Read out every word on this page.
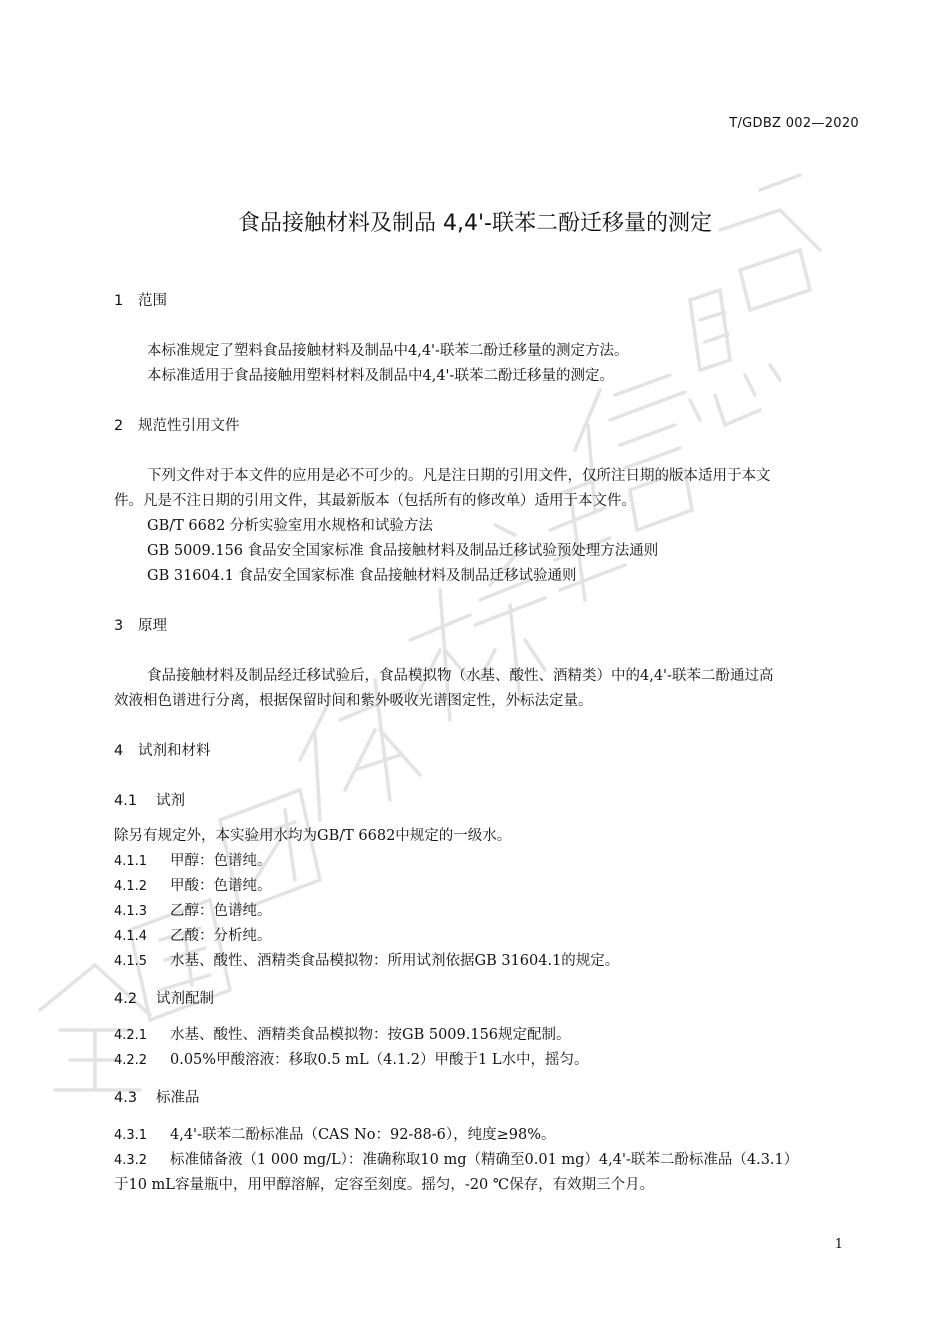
T/GDBZ 002—2020
食品接触材料及制品 4,4'-联苯二酚迁移量的测定
1 范围
本标准规定了塑料食品接触材料及制品中4,4'-联苯二酚迁移量的测定方法。
本标准适用于食品接触用塑料材料及制品中4,4'-联苯二酚迁移量的测定。
2 规范性引用文件
下列文件对于本文件的应用是必不可少的。凡是注日期的引用文件，仅所注日期的版本适用于本文
件。凡是不注日期的引用文件，其最新版本（包括所有的修改单）适用于本文件。
GB/T 6682 分析实验室用水规格和试验方法
GB 5009.156 食品安全国家标准 食品接触材料及制品迁移试验预处理方法通则
GB 31604.1 食品安全国家标准 食品接触材料及制品迁移试验通则
3 原理
食品接触材料及制品经迁移试验后，食品模拟物（水基、酸性、酒精类）中的4,4'-联苯二酚通过高
效液相色谱进行分离，根据保留时间和紫外吸收光谱图定性，外标法定量。
4 试剂和材料
4.1 试剂
除另有规定外，本实验用水均为GB/T 6682中规定的一级水。
4.1.1 甲醇：色谱纯。
4.1.2 甲酸：色谱纯。
4.1.3 乙醇：色谱纯。
4.1.4 乙酸：分析纯。
4.1.5 水基、酸性、酒精类食品模拟物：所用试剂依据GB 31604.1的规定。
4.2 试剂配制
4.2.1 水基、酸性、酒精类食品模拟物：按GB 5009.156规定配制。
4.2.2 0.05%甲酸溶液：移取0.5 mL（4.1.2）甲酸于1 L水中，摇匀。
4.3 标准品
4.3.1 4,4'-联苯二酚标准品（CAS No：92-88-6），纯度≥98%。
4.3.2 标准储备液（1 000 mg/L）：准确称取10 mg（精确至0.01 mg）4,4'-联苯二酚标准品（4.3.1）
于10 mL容量瓶中，用甲醇溶解，定容至刻度。摇匀，-20 ℃保存，有效期三个月。
1
